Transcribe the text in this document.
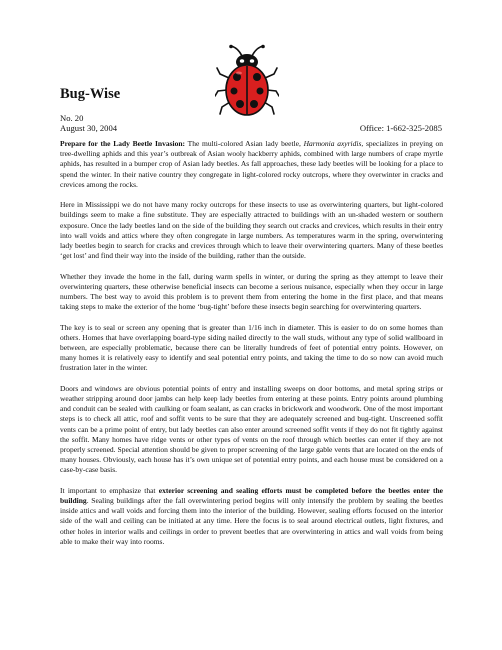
Bug-Wise
No. 20
August 30, 2004	Office: 1-662-325-2085

Prepare for the Lady Beetle Invasion: The multi-colored Asian lady beetle, Harmonia axyridis, specializes in preying on tree-dwelling aphids and this year’s outbreak of Asian wooly hackberry aphids, combined with large numbers of crape myrtle aphids, has resulted in a bumper crop of Asian lady beetles. As fall approaches, these lady beetles will be looking for a place to spend the winter. In their native country they congregate in light-colored rocky outcrops, where they overwinter in cracks and crevices among the rocks.

Here in Mississippi we do not have many rocky outcrops for these insects to use as overwintering quarters, but light-colored buildings seem to make a fine substitute. They are especially attracted to buildings with an un-shaded western or southern exposure. Once the lady beetles land on the side of the building they search out cracks and crevices, which results in their entry into wall voids and attics where they often congregate in large numbers. As temperatures warm in the spring, overwintering lady beetles begin to search for cracks and crevices through which to leave their overwintering quarters. Many of these beetles ‘get lost’ and find their way into the inside of the building, rather than the outside.

Whether they invade the home in the fall, during warm spells in winter, or during the spring as they attempt to leave their overwintering quarters, these otherwise beneficial insects can become a serious nuisance, especially when they occur in large numbers. The best way to avoid this problem is to prevent them from entering the home in the first place, and that means taking steps to make the exterior of the home ‘bug-tight’ before these insects begin searching for overwintering quarters.

The key is to seal or screen any opening that is greater than 1/16 inch in diameter. This is easier to do on some homes than others. Homes that have overlapping board-type siding nailed directly to the wall studs, without any type of solid wallboard in between, are especially problematic, because there can be literally hundreds of feet of potential entry points. However, on many homes it is relatively easy to identify and seal potential entry points, and taking the time to do so now can avoid much frustration later in the winter.

Doors and windows are obvious potential points of entry and installing sweeps on door bottoms, and metal spring strips or weather stripping around door jambs can help keep lady beetles from entering at these points. Entry points around plumbing and conduit can be sealed with caulking or foam sealant, as can cracks in brickwork and woodwork. One of the most important steps is to check all attic, roof and soffit vents to be sure that they are adequately screened and bug-tight. Unscreened soffit vents can be a prime point of entry, but lady beetles can also enter around screened soffit vents if they do not fit tightly against the soffit. Many homes have ridge vents or other types of vents on the roof through which beetles can enter if they are not properly screened. Special attention should be given to proper screening of the large gable vents that are located on the ends of many houses. Obviously, each house has it’s own unique set of potential entry points, and each house must be considered on a case-by-case basis.

It important to emphasize that exterior screening and sealing efforts must be completed before the beetles enter the building. Sealing buildings after the fall overwintering period begins will only intensify the problem by sealing the beetles inside attics and wall voids and forcing them into the interior of the building. However, sealing efforts focused on the interior side of the wall and ceiling can be initiated at any time. Here the focus is to seal around electrical outlets, light fixtures, and other holes in interior walls and ceilings in order to prevent beetles that are overwintering in attics and wall voids from being able to make their way into rooms.
